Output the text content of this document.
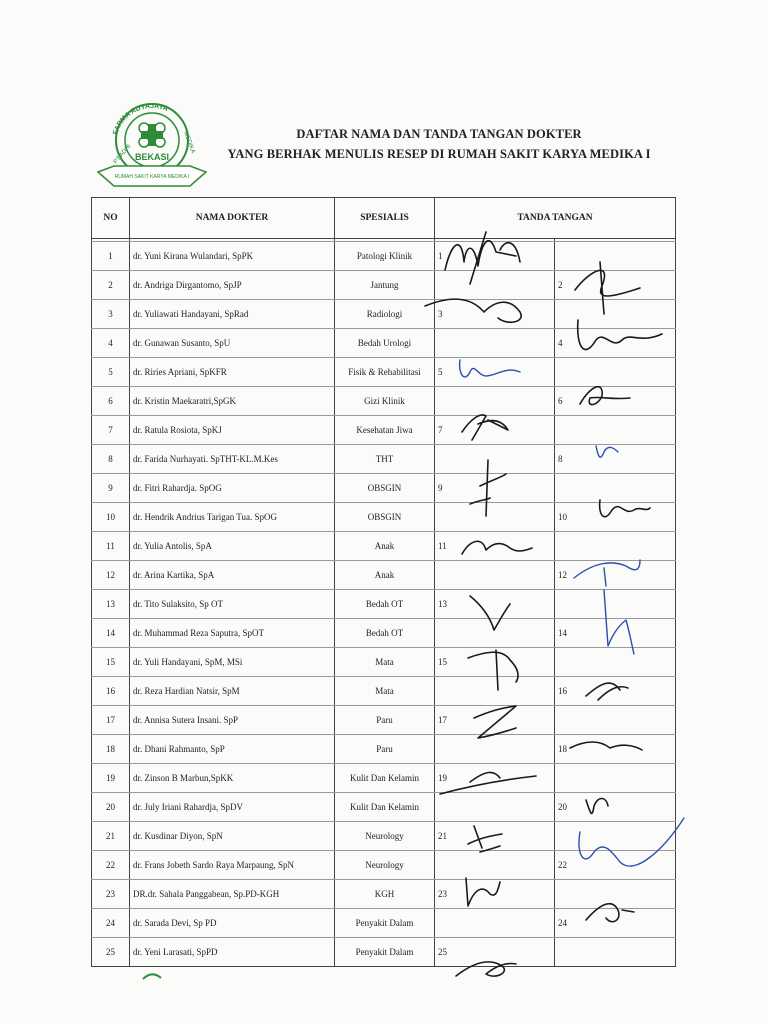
FARMA ADYAJAYA
PT ADHI
MEDIKA
BEKASI
RUMAH SAKIT KARYA MEDIKA I
DAFTAR NAMA DAN TANDA TANGAN DOKTER
YANG BERHAK MENULIS RESEP DI RUMAH SAKIT KARYA MEDIKA I
NO	NAMA DOKTER	SPESIALIS	TANDA TANGAN	

1	dr. Yuni Kirana Wulandari, SpPK	Patologi Klinik	1	
2	dr. Andriga Dirgantomo, SpJP	Jantung		2
3	dr. Yuliawati Handayani, SpRad	Radiologi	3	
4	dr. Gunawan Susanto, SpU	Bedah Urologi		4
5	dr. Riries Apriani, SpKFR	Fisik & Rehabilitasi	5	
6	dr. Kristin Maekaratri,SpGK	Gizi Klinik		6
7	dr. Ratula Rosiota, SpKJ	Kesehatan Jiwa	7	
8	dr. Farida Nurhayati. SpTHT-KL.M.Kes	THT		8
9	dr. Fitri Rahardja. SpOG	OBSGIN	9	
10	dr. Hendrik Andrius Tarigan Tua. SpOG	OBSGIN		10
11	dr. Yulia Antolis, SpA	Anak	11	
12	dr. Arina Kartika, SpA	Anak		12
13	dr. Tito Sulaksito, Sp OT	Bedah OT	13	
14	dr. Muhammad Reza Saputra, SpOT	Bedah OT		14
15	dr. Yuli Handayani, SpM, MSi	Mata	15	
16	dr. Reza Hardian Natsir, SpM	Mata		16
17	dr. Annisa Sutera Insani. SpP	Paru	17	
18	dr. Dhani Rahmanto, SpP	Paru		18
19	dr. Zinson B Marbun,SpKK	Kulit Dan Kelamin	19	
20	dr. July Iriani Rahardja, SpDV	Kulit Dan Kelamin		20
21	dr. Kusdinar Diyon, SpN	Neurology	21	
22	dr. Frans Jobeth Sardo Raya Marpaung, SpN	Neurology		22
23	DR.dr. Sahala Panggabean, Sp.PD-KGH	KGH	23	
24	dr. Sarada Devi, Sp PD	Penyakit Dalam		24
25	dr. Yeni Larasati, SpPD	Penyakit Dalam	25	
